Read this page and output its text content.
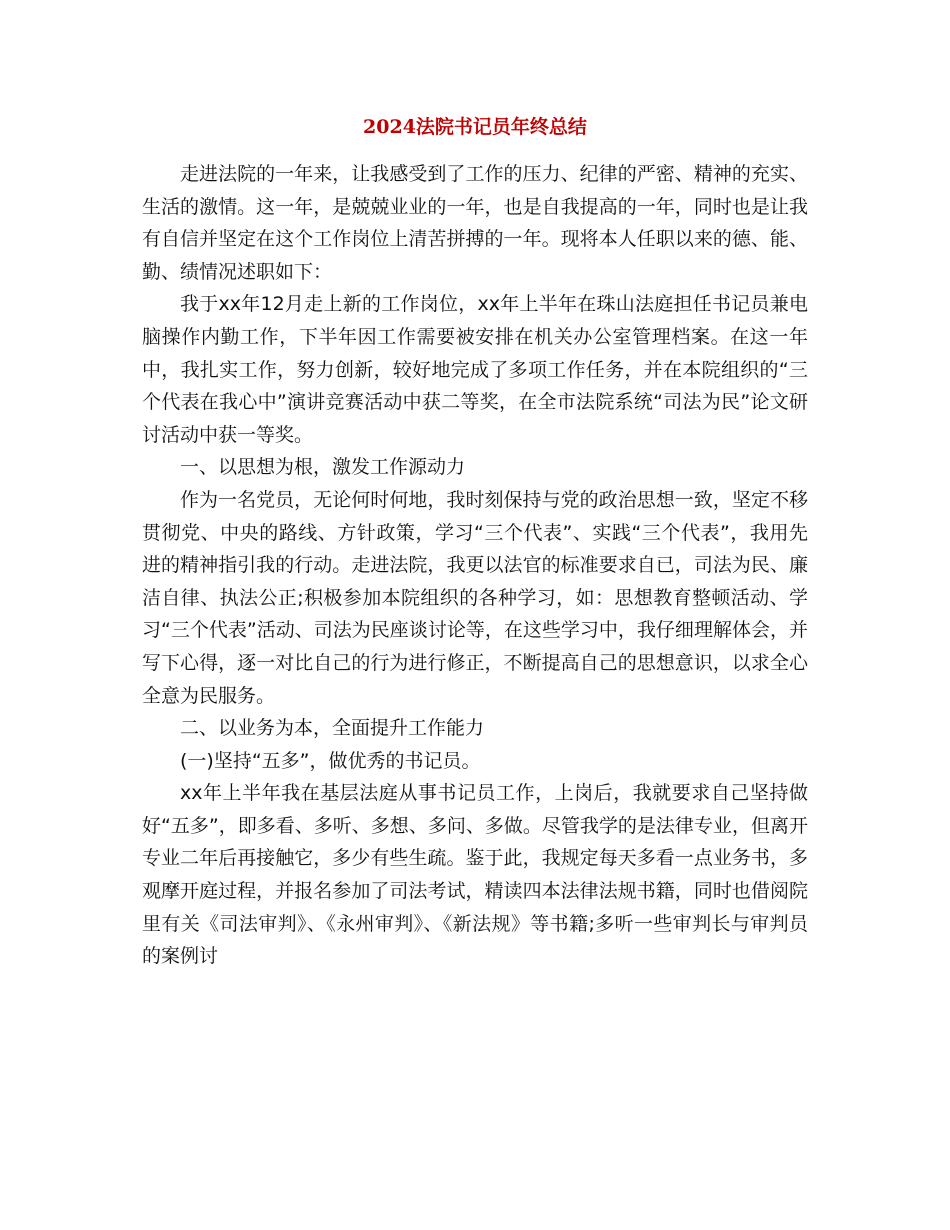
2024法院书记员年终总结

走进法院的一年来，让我感受到了工作的压力、纪律的严密、精神的充实、生活的激情。这一年，是兢兢业业的一年，也是自我提高的一年，同时也是让我有自信并坚定在这个工作岗位上清苦拼搏的一年。现将本人任职以来的德、能、勤、绩情况述职如下：

我于xx年12月走上新的工作岗位，xx年上半年在珠山法庭担任书记员兼电脑操作内勤工作，下半年因工作需要被安排在机关办公室管理档案。在这一年中，我扎实工作，努力创新，较好地完成了多项工作任务，并在本院组织的“三个代表在我心中”演讲竞赛活动中获二等奖，在全市法院系统“司法为民”论文研讨活动中获一等奖。

一、以思想为根，激发工作源动力

作为一名党员，无论何时何地，我时刻保持与党的政治思想一致，坚定不移贯彻党、中央的路线、方针政策，学习“三个代表”、实践“三个代表”，我用先进的精神指引我的行动。走进法院，我更以法官的标准要求自已，司法为民、廉洁自律、执法公正;积极参加本院组织的各种学习，如：思想教育整顿活动、学习“三个代表”活动、司法为民座谈讨论等，在这些学习中，我仔细理解体会，并写下心得，逐一对比自己的行为进行修正，不断提高自己的思想意识，以求全心全意为民服务。

二、以业务为本，全面提升工作能力

(一)坚持“五多”，做优秀的书记员。

xx年上半年我在基层法庭从事书记员工作，上岗后，我就要求自己坚持做好“五多”，即多看、多听、多想、多问、多做。尽管我学的是法律专业，但离开专业二年后再接触它，多少有些生疏。鉴于此，我规定每天多看一点业务书，多观摩开庭过程，并报名参加了司法考试，精读四本法律法规书籍，同时也借阅院里有关《司法审判》、《永州审判》、《新法规》等书籍;多听一些审判长与审判员的案例讨
